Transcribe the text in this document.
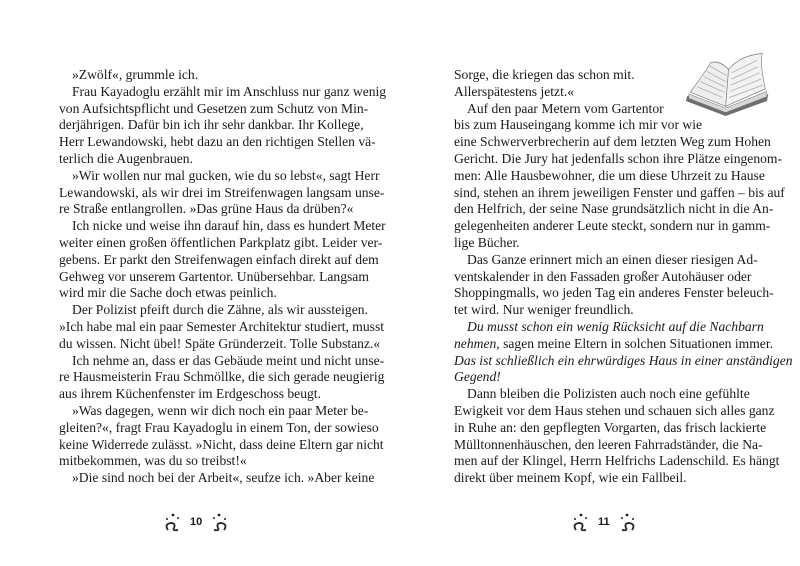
»Zwölf«, grummle ich.
Frau Kayadoglu erzählt mir im Anschluss nur ganz wenig
von Aufsichtspflicht und Gesetzen zum Schutz von Min-
derjährigen. Dafür bin ich ihr sehr dankbar. Ihr Kollege,
Herr Lewandowski, hebt dazu an den richtigen Stellen vä-
terlich die Augenbrauen.
»Wir wollen nur mal gucken, wie du so lebst«, sagt Herr
Lewandowski, als wir drei im Streifenwagen langsam unse-
re Straße entlangrollen. »Das grüne Haus da drüben?«
Ich nicke und weise ihn darauf hin, dass es hundert Meter
weiter einen großen öffentlichen Parkplatz gibt. Leider ver-
gebens. Er parkt den Streifenwagen einfach direkt auf dem
Gehweg vor unserem Gartentor. Unübersehbar. Langsam
wird mir die Sache doch etwas peinlich.
Der Polizist pfeift durch die Zähne, als wir aussteigen.
»Ich habe mal ein paar Semester Architektur studiert, musst
du wissen. Nicht übel! Späte Gründerzeit. Tolle Substanz.«
Ich nehme an, dass er das Gebäude meint und nicht unse-
re Hausmeisterin Frau Schmöllke, die sich gerade neugierig
aus ihrem Küchenfenster im Erdgeschoss beugt.
»Was dagegen, wenn wir dich noch ein paar Meter be-
gleiten?«, fragt Frau Kayadoglu in einem Ton, der sowieso
keine Widerrede zulässt. »Nicht, dass deine Eltern gar nicht
mitbekommen, was du so treibst!«
»Die sind noch bei der Arbeit«, seufze ich. »Aber keine
Sorge, die kriegen das schon mit.
Allerspätestens jetzt.«
Auf den paar Metern vom Gartentor
bis zum Hauseingang komme ich mir vor wie
eine Schwerverbrecherin auf dem letzten Weg zum Hohen
Gericht. Die Jury hat jedenfalls schon ihre Plätze eingenom-
men: Alle Hausbewohner, die um diese Uhrzeit zu Hause
sind, stehen an ihrem jeweiligen Fenster und gaffen – bis auf
den Helfrich, der seine Nase grundsätzlich nicht in die An-
gelegenheiten anderer Leute steckt, sondern nur in gamm-
lige Bücher.
Das Ganze erinnert mich an einen dieser riesigen Ad-
ventskalender in den Fassaden großer Autohäuser oder
Shoppingmalls, wo jeden Tag ein anderes Fenster beleuch-
tet wird. Nur weniger freundlich.
Du musst schon ein wenig Rücksicht auf die Nachbarn
nehmen, sagen meine Eltern in solchen Situationen immer.
Das ist schließlich ein ehrwürdiges Haus in einer anständigen
Gegend!
Dann bleiben die Polizisten auch noch eine gefühlte
Ewigkeit vor dem Haus stehen und schauen sich alles ganz
in Ruhe an: den gepflegten Vorgarten, das frisch lackierte
Mülltonnenhäuschen, den leeren Fahrradständer, die Na-
men auf der Klingel, Herrn Helfrichs Ladenschild. Es hängt
direkt über meinem Kopf, wie ein Fallbeil.
10	11
